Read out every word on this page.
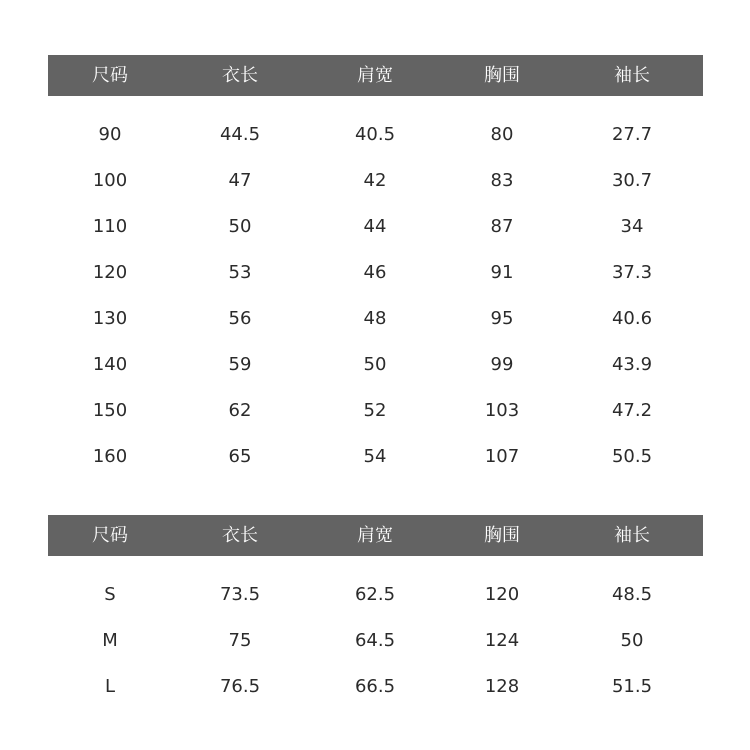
尺码	衣长	肩宽	胸围	袖长
90	44.5	40.5	80	27.7
100	47	42	83	30.7
110	50	44	87	34
120	53	46	91	37.3
130	56	48	95	40.6
140	59	50	99	43.9
150	62	52	103	47.2
160	65	54	107	50.5
尺码	衣长	肩宽	胸围	袖长
S	73.5	62.5	120	48.5
M	75	64.5	124	50
L	76.5	66.5	128	51.5
